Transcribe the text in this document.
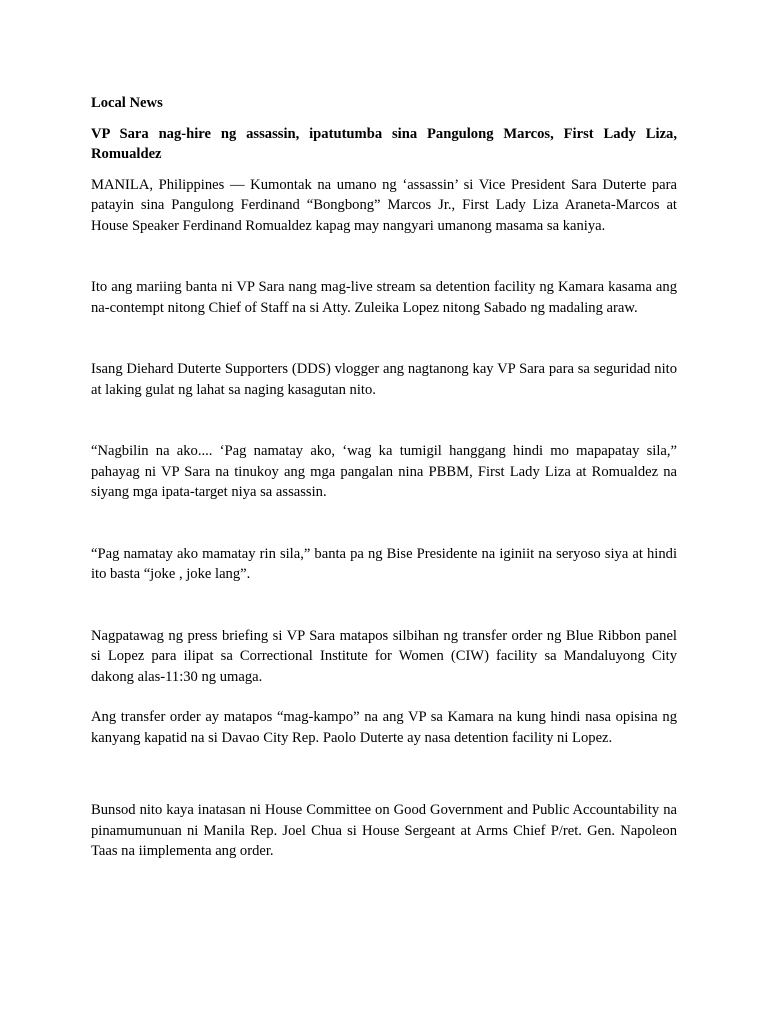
Local News

VP Sara nag-hire ng assassin, ipatutumba sina Pangulong Marcos, First Lady Liza, Romualdez

MANILA, Philippines — Kumontak na umano ng ‘assassin’ si Vice President Sara Duterte para patayin sina Pangulong Ferdinand “Bongbong” Marcos Jr., First Lady Liza Araneta-Marcos at House Speaker Ferdinand Romualdez kapag may nangyari umanong masama sa kaniya.

Ito ang mariing banta ni VP Sara nang mag-live stream sa detention facility ng Kamara kasama ang na-contempt nitong Chief of Staff na si Atty. Zuleika Lopez nitong Sabado ng madaling araw.

Isang Diehard Duterte Supporters (DDS) vlogger ang nagtanong kay VP Sara para sa seguridad nito at laking gulat ng lahat sa naging kasagutan nito.

“Nagbilin na ako.... ‘Pag namatay ako, ‘wag ka tumigil hanggang hindi mo mapapatay sila,” pahayag ni VP Sara na tinukoy ang mga pangalan nina PBBM, First Lady Liza at Romualdez na siyang mga ipata-target niya sa assassin.

“Pag namatay ako mamatay rin sila,” banta pa ng Bise Presidente na iginiit na seryoso siya at hindi ito basta “joke , joke lang”.

Nagpatawag ng press briefing si VP Sara matapos silbihan ng transfer order ng Blue Ribbon panel si Lopez para ilipat sa Correctional Institute for Women (CIW) facility sa Mandaluyong City dakong alas-11:30 ng umaga.

Ang transfer order ay matapos “mag-kampo” na ang VP sa Kamara na kung hindi nasa opisina ng kanyang kapatid na si Davao City Rep. Paolo Duterte ay nasa detention facility ni Lopez.

Bunsod nito kaya inatasan ni House Committee on Good Government and Public Accountability na pinamumunuan ni Manila Rep. Joel Chua si House Sergeant at Arms Chief P/ret. Gen. Napoleon Taas na iimplementa ang order.
